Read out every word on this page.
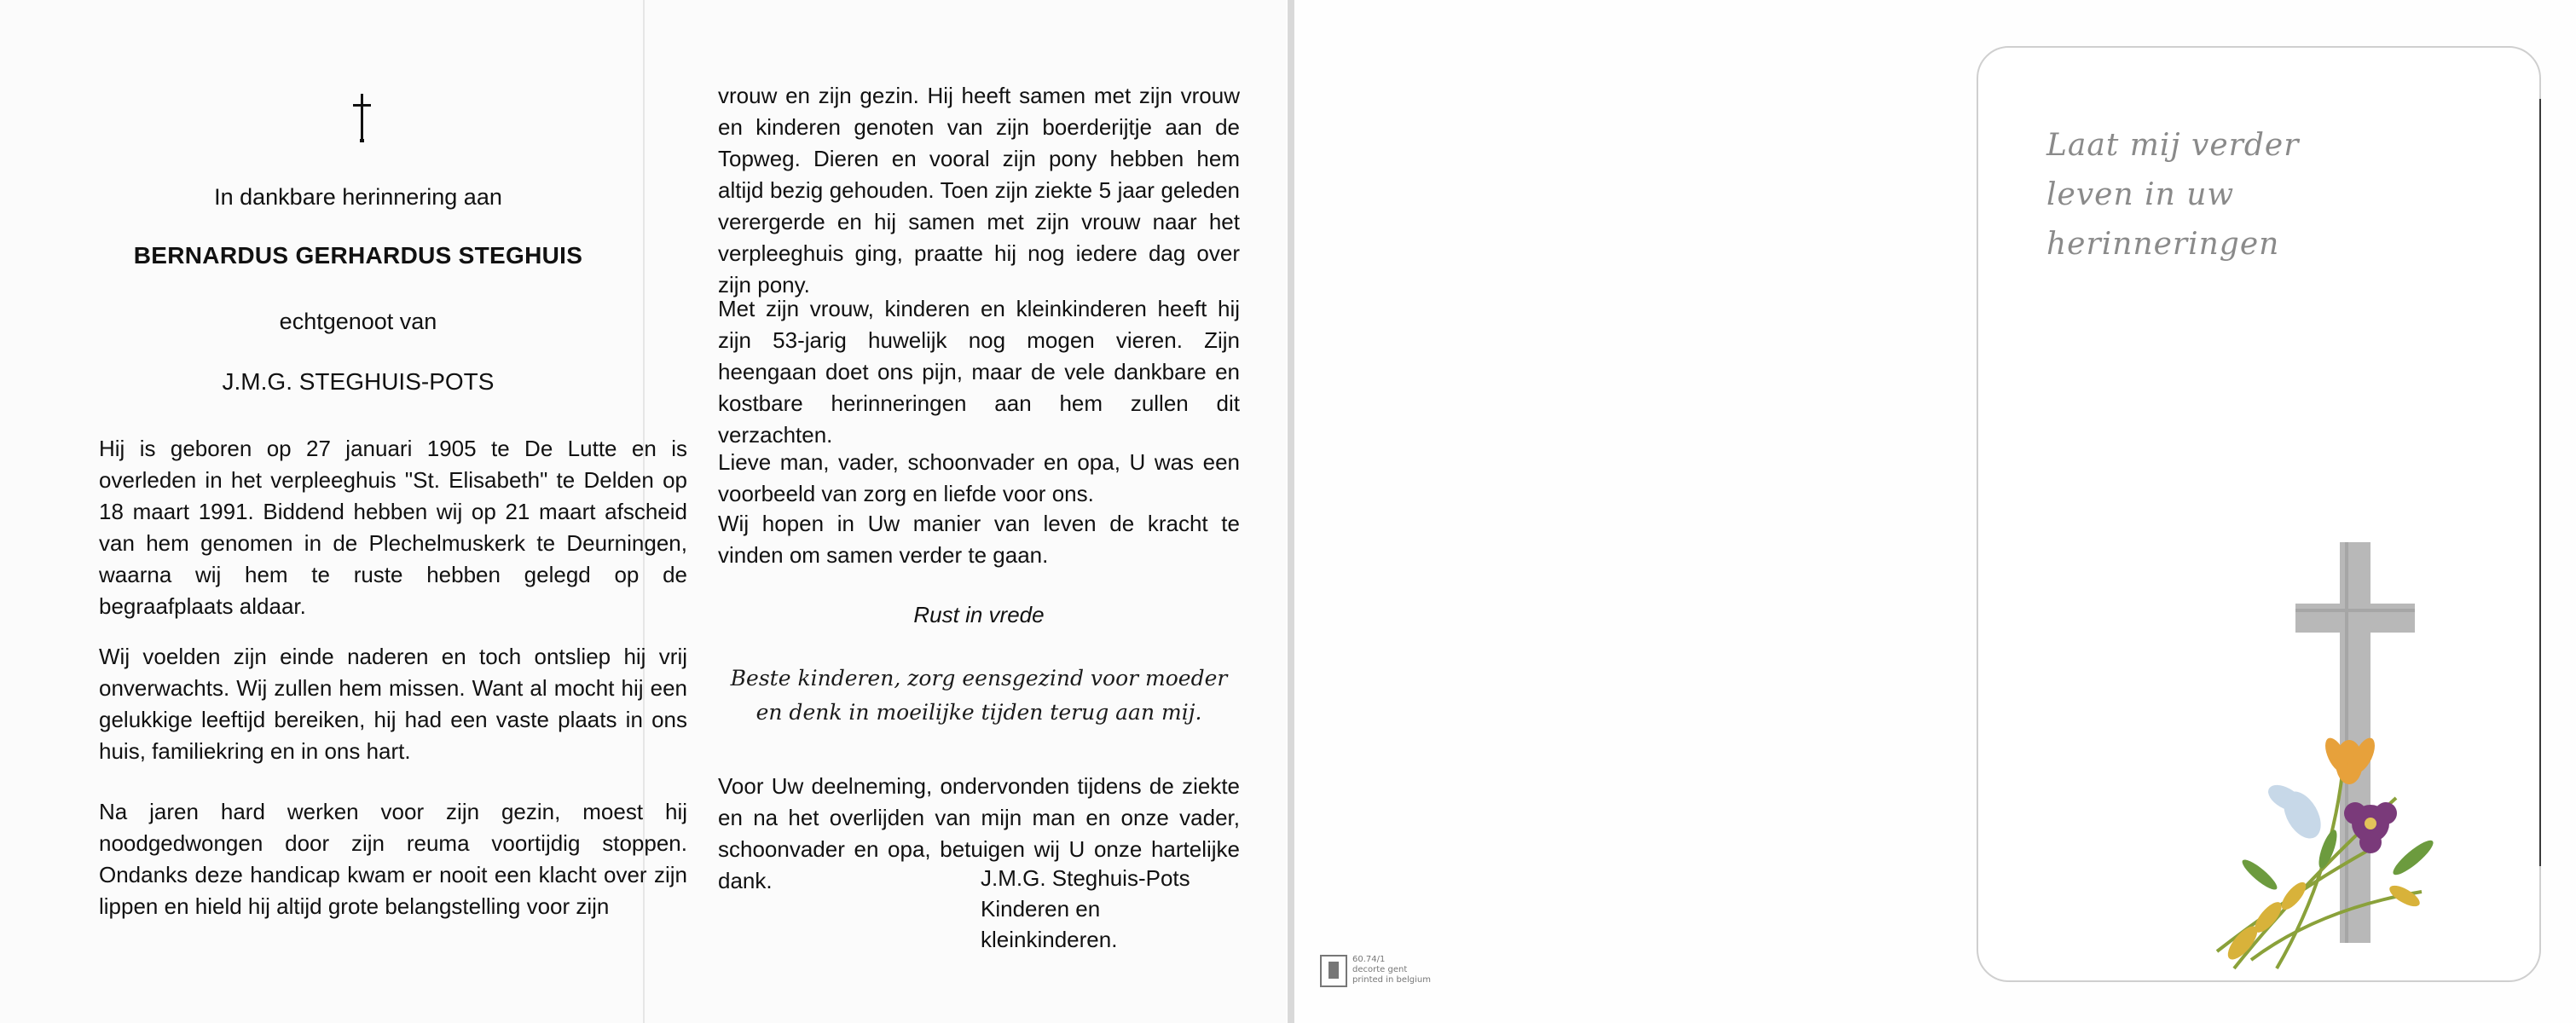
In dankbare herinnering aan
BERNARDUS GERHARDUS STEGHUIS
echtgenoot van
J.M.G. STEGHUIS-POTS
Hij is geboren op 27 januari 1905 te De Lutte en is overleden in het verpleeghuis "St. Elisabeth" te Delden op 18 maart 1991. Biddend hebben wij op 21 maart afscheid van hem genomen in de Plechelmuskerk te Deurningen, waarna wij hem te ruste hebben gelegd op de begraafplaats aldaar.
Wij voelden zijn einde naderen en toch ontsliep hij vrij onverwachts. Wij zullen hem missen. Want al mocht hij een gelukkige leeftijd bereiken, hij had een vaste plaats in ons huis, familiekring en in ons hart.
Na jaren hard werken voor zijn gezin, moest hij noodgedwongen door zijn reuma voortijdig stoppen. Ondanks deze handicap kwam er nooit een klacht over zijn lippen en hield hij altijd grote belangstelling voor zijn
vrouw en zijn gezin. Hij heeft samen met zijn vrouw en kinderen genoten van zijn boerderijtje aan de Topweg. Dieren en vooral zijn pony hebben hem altijd bezig gehouden. Toen zijn ziekte 5 jaar geleden verergerde en hij samen met zijn vrouw naar het verpleeghuis ging, praatte hij nog iedere dag over zijn pony.
Met zijn vrouw, kinderen en kleinkinderen heeft hij zijn 53-jarig huwelijk nog mogen vieren. Zijn heengaan doet ons pijn, maar de vele dankbare en kostbare herinneringen aan hem zullen dit verzachten.
Lieve man, vader, schoonvader en opa, U was een voorbeeld van zorg en liefde voor ons.
Wij hopen in Uw manier van leven de kracht te vinden om samen verder te gaan.
Rust in vrede
Beste kinderen, zorg eensgezind voor moeder
en denk in moeilijke tijden terug aan mij.
Voor Uw deelneming, ondervonden tijdens de ziekte en na het overlijden van mijn man en onze vader, schoonvader en opa, betuigen wij U onze hartelijke dank.	J.M.G. Steghuis-Pots
Kinderen en kleinkinderen.
60.74/1
decorte gent
printed in belgium
Laat mij verder
leven in uw
herinneringen
